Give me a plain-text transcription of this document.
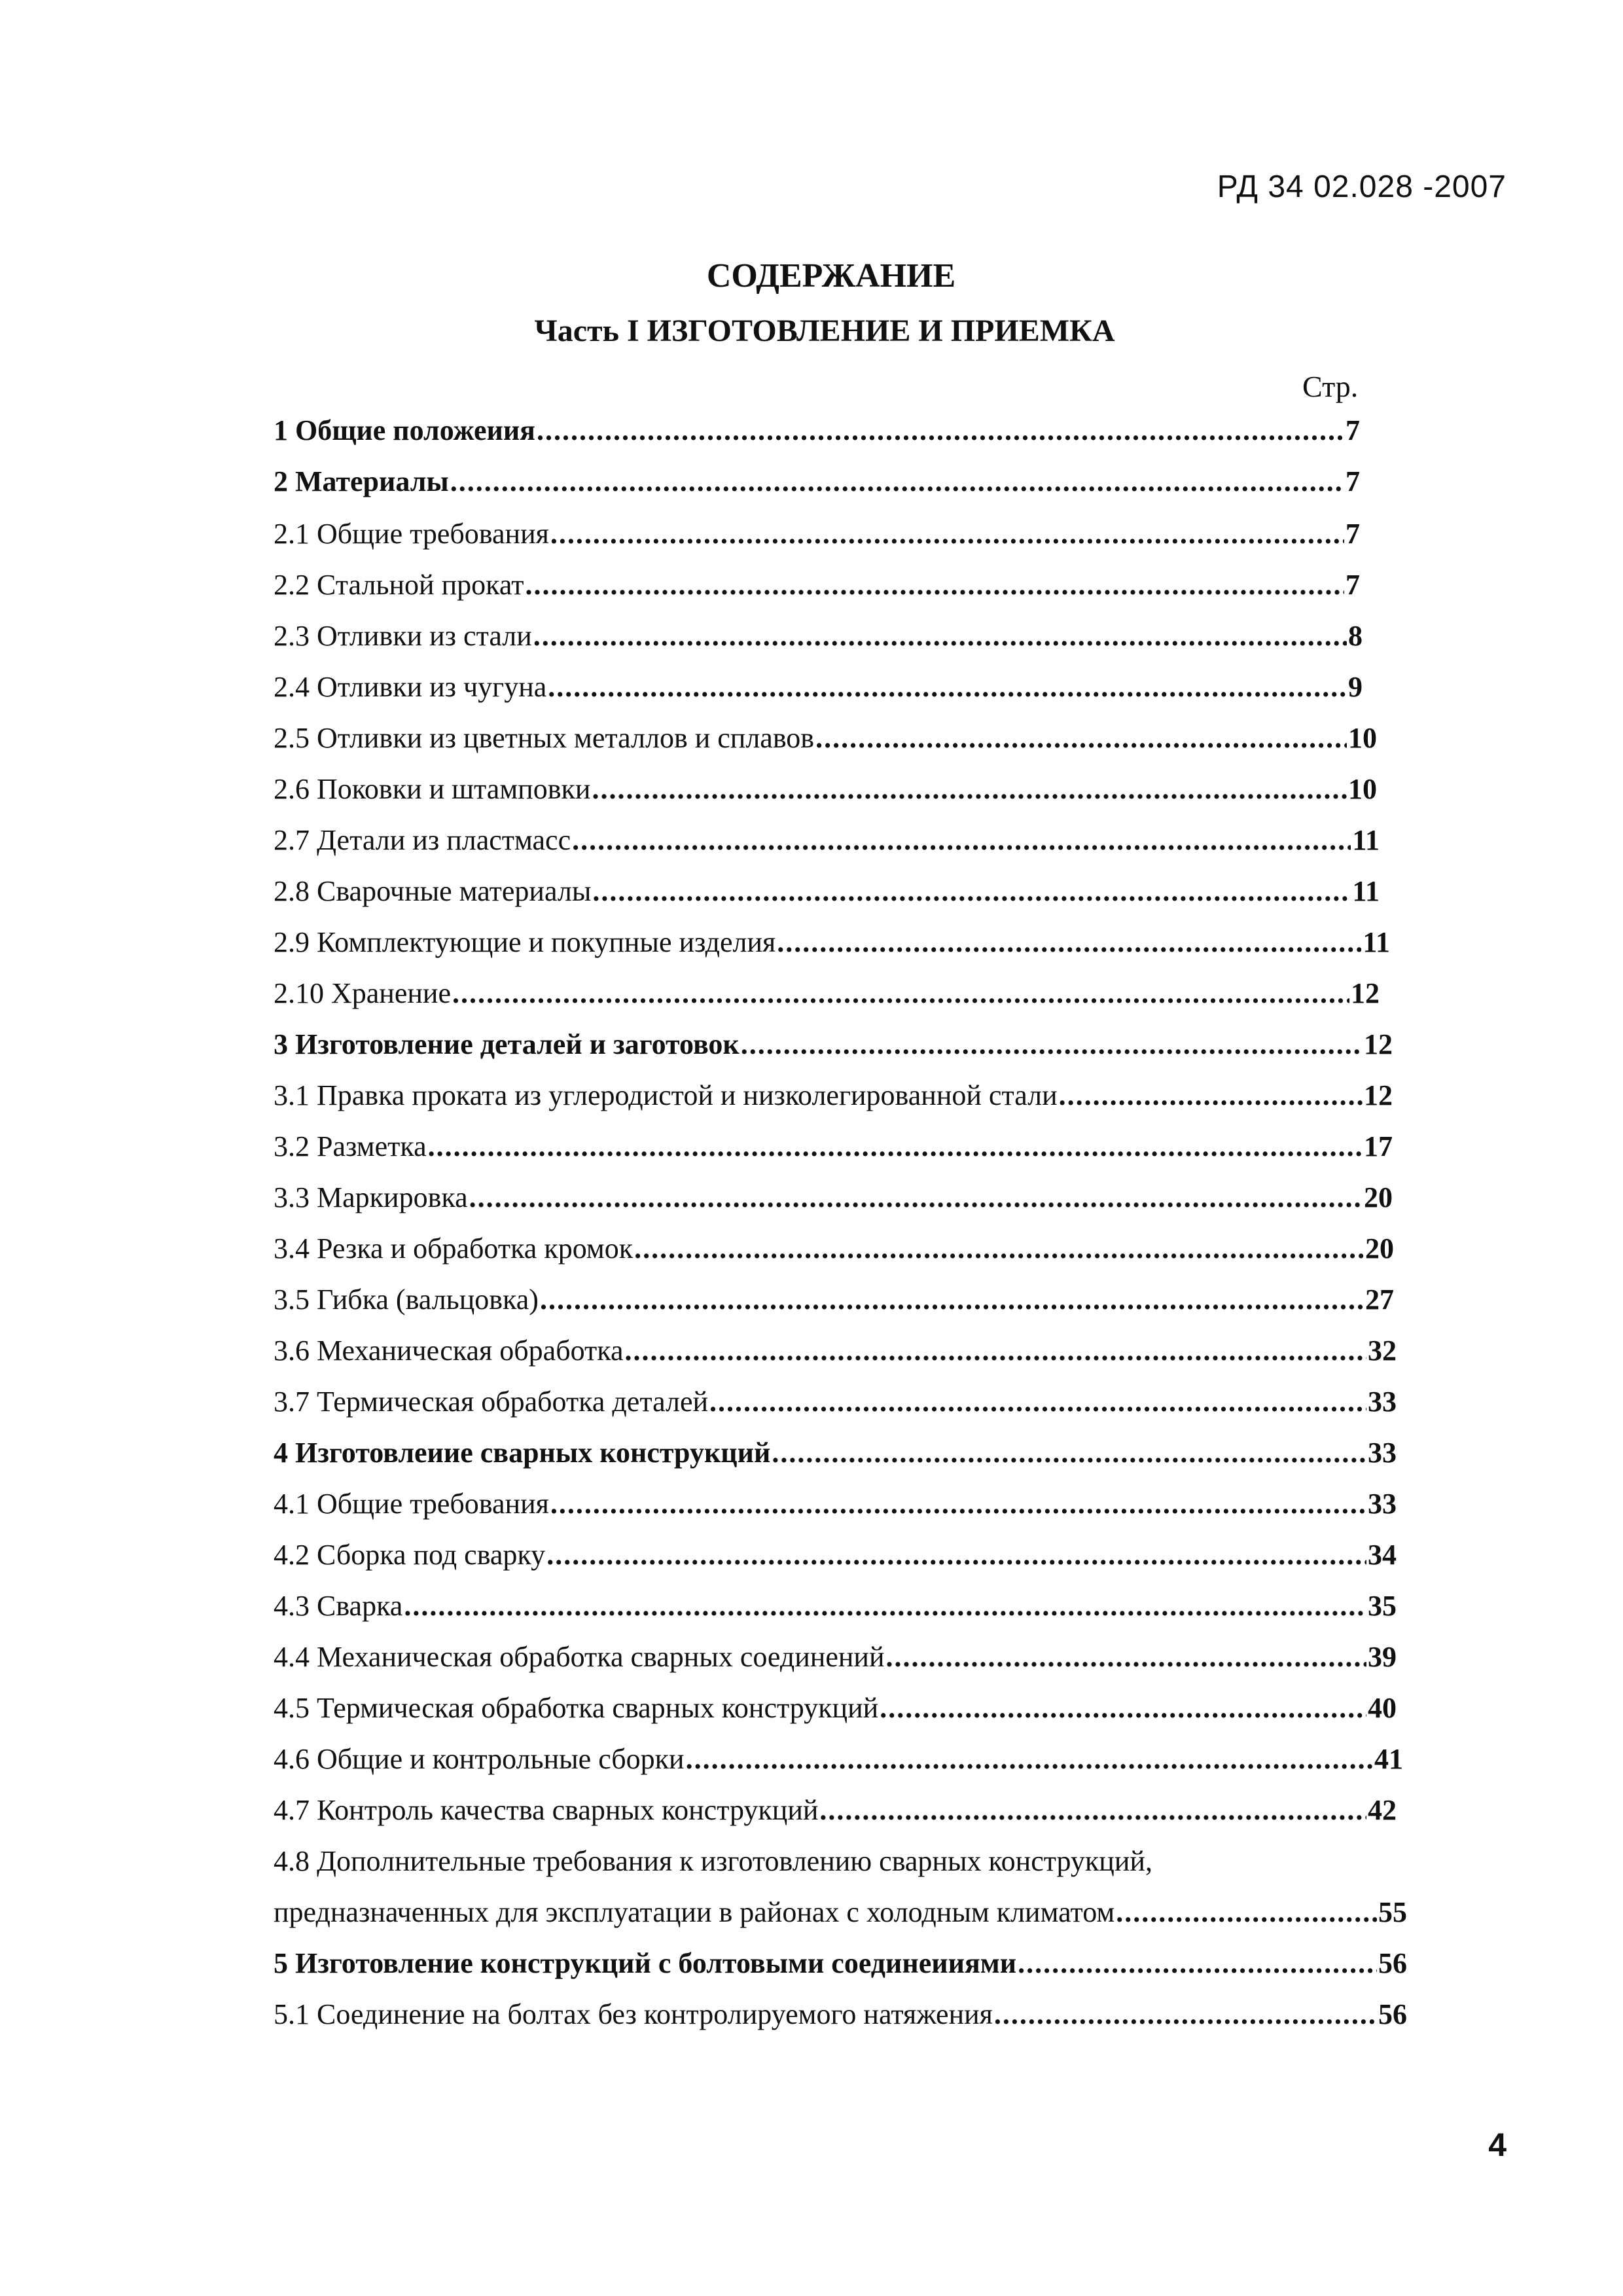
РД 34 02.028 -2007
СОДЕРЖАНИЕ
Часть I ИЗГОТОВЛЕНИЕ И ПРИЕМКА
Стр.
1 Общие положеиия .....	7
2 Материалы .....	7
2.1 Общие требования .....	7
2.2 Стальной прокат .....	7
2.3 Отливки из стали .....	8
2.4 Отливки из чугуна .....	9
2.5 Отливки из цветных металлов и сплавов .....	10
2.6 Поковки и штамповки .....	10
2.7 Детали из пластмасс .....	11
2.8 Сварочные материалы .....	11
2.9 Комплектующие и покупные изделия .....	11
2.10 Хранение .....	12
3 Изготовление деталей и заготовок .....	12
3.1 Правка проката из углеродистой и низколегированной стали .....	12
3.2 Разметка .....	17
3.3 Маркировка .....	20
3.4 Резка и обработка кромок .....	20
3.5 Гибка (вальцовка) .....	27
3.6 Механическая обработка .....	32
3.7 Термическая обработка деталей .....	33
4 Изготовлеиие сварных конструкций .....	33
4.1 Общие требования .....	33
4.2 Сборка под сварку .....	34
4.3 Сварка .....	35
4.4 Механическая обработка сварных соединений .....	39
4.5 Термическая обработка сварных конструкций .....	40
4.6 Общие и контрольные сборки .....	41
4.7 Контроль качества сварных конструкций .....	42
4.8 Дополнительные требования к изготовлению сварных конструкций,
предназначенных для эксплуатации в районах с холодным климатом .....	55
5 Изготовление конструкций с болтовыми соединеииями .....	56
5.1 Соединение на болтах без контролируемого натяжения .....	56
4
